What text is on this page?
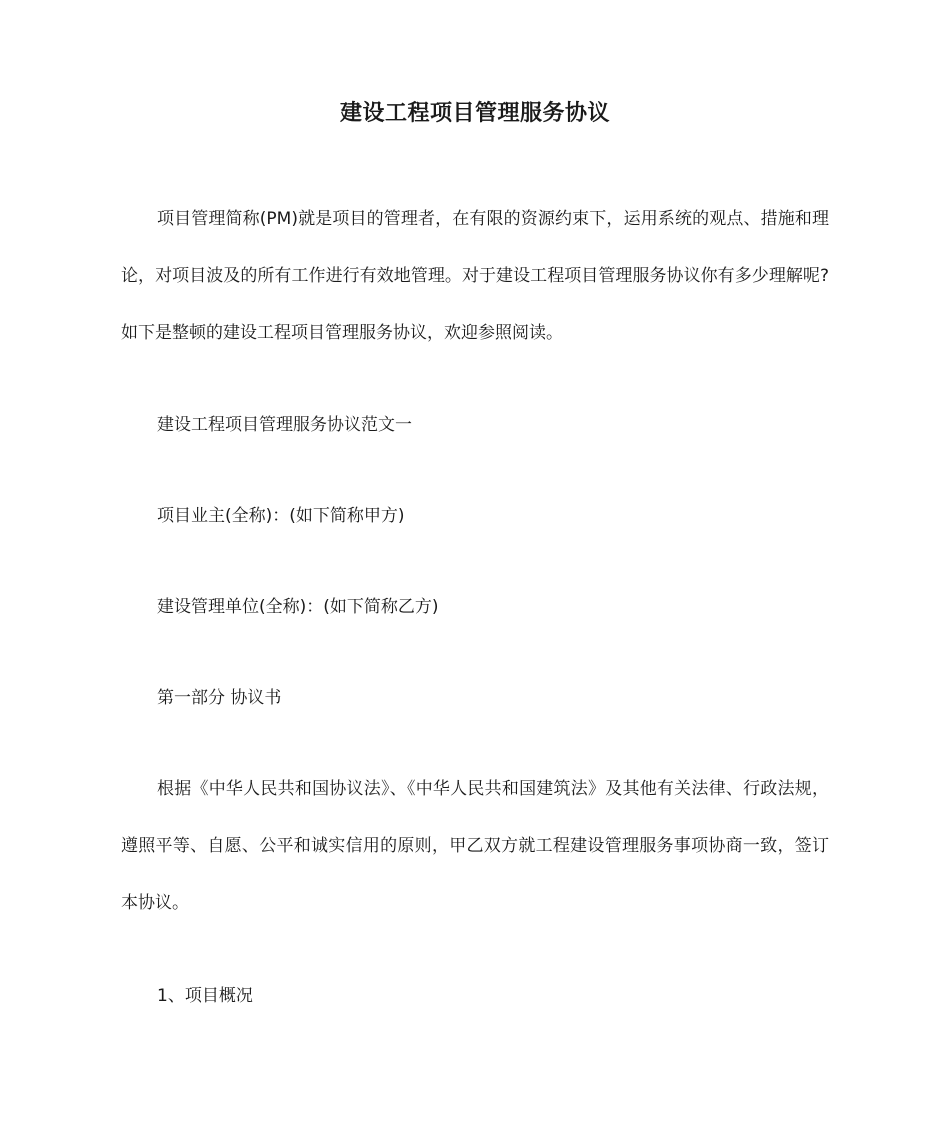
建设工程项目管理服务协议

项目管理简称(PM)就是项目的管理者，在有限的资源约束下，运用系统的观点、措施和理论，对项目波及的所有工作进行有效地管理。对于建设工程项目管理服务协议你有多少理解呢?如下是整顿的建设工程项目管理服务协议，欢迎参照阅读。

建设工程项目管理服务协议范文一

项目业主(全称)：(如下简称甲方)

建设管理单位(全称)：(如下简称乙方)

第一部分 协议书

根据《中华人民共和国协议法》、《中华人民共和国建筑法》及其他有关法律、行政法规，遵照平等、自愿、公平和诚实信用的原则，甲乙双方就工程建设管理服务事项协商一致，签订本协议。

1、项目概况
